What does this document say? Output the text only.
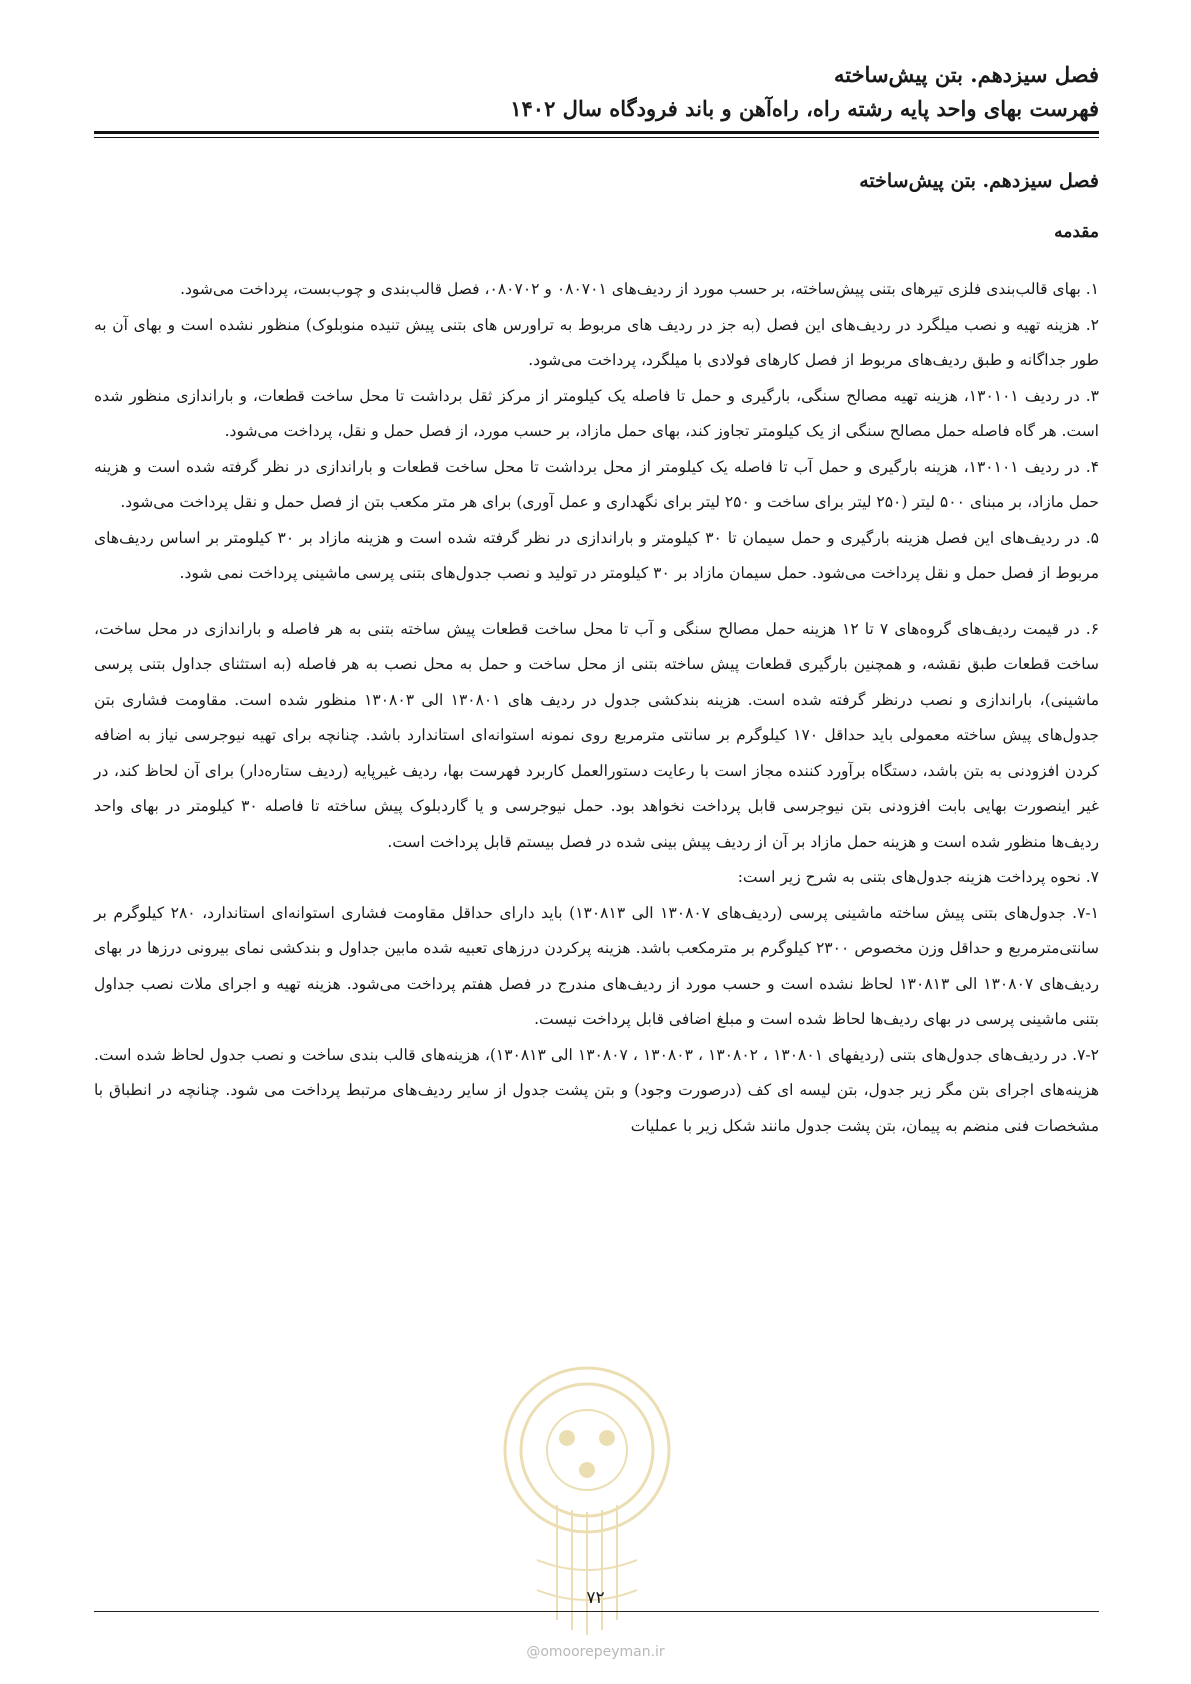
فصل سیزدهم. بتن پیش‌ساخته
فهرست بهای واحد پایه رشته راه، راه‌آهن و باند فرودگاه سال ۱۴۰۲
فصل سیزدهم. بتن پیش‌ساخته
مقدمه

۱. بهای قالب‌بندی فلزی تیرهای بتنی پیش‌ساخته، بر حسب مورد از ردیف‌های ۰۸۰۷۰۱ و ۰۸۰۷۰۲، فصل قالب‌بندی و چوب‌بست، پرداخت می‌شود.

۲. هزینه تهیه و نصب میلگرد در ردیف‌های این فصل (به جز در ردیف های مربوط به تراورس های بتنی پیش تنیده منوبلوک) منظور نشده است و بهای آن به طور جداگانه و طبق ردیف‌های مربوط از فصل کارهای فولادی با میلگرد، پرداخت می‌شود.

۳. در ردیف ۱۳۰۱۰۱، هزینه تهیه مصالح سنگی، بارگیری و حمل تا فاصله یک کیلومتر از مرکز ثقل برداشت تا محل ساخت قطعات، و باراندازی منظور شده است. هر گاه فاصله حمل مصالح سنگی از یک کیلومتر تجاوز کند، بهای حمل مازاد، بر حسب مورد، از فصل حمل و نقل، پرداخت می‌شود.

۴. در ردیف ۱۳۰۱۰۱، هزینه بارگیری و حمل آب تا فاصله یک کیلومتر از محل برداشت تا محل ساخت قطعات و باراندازی در نظر گرفته شده است و هزینه حمل مازاد، بر مبنای ۵۰۰ لیتر (۲۵۰ لیتر برای ساخت و ۲۵۰ لیتر برای نگهداری و عمل آوری) برای هر متر مکعب بتن از فصل حمل و نقل پرداخت می‌شود.

۵. در ردیف‌های این فصل هزینه بارگیری و حمل سیمان تا ۳۰ کیلومتر و باراندازی در نظر گرفته شده است و هزینه مازاد بر ۳۰ کیلومتر بر اساس ردیف‌های مربوط از فصل حمل و نقل پرداخت می‌شود. حمل سیمان مازاد بر ۳۰ کیلومتر در تولید و نصب جدول‌های بتنی پرسی ماشینی پرداخت نمی شود.

۶. در قیمت ردیف‌های گروه‌های ۷ تا ۱۲ هزینه حمل مصالح سنگی و آب تا محل ساخت قطعات پیش ساخته بتنی به هر فاصله و باراندازی در محل ساخت، ساخت قطعات طبق نقشه، و همچنین بارگیری قطعات پیش ساخته بتنی از محل ساخت و حمل به محل نصب به هر فاصله (به استثنای جداول بتنی پرسی ماشینی)، باراندازی و نصب درنظر گرفته شده است. هزینه بندکشی جدول در ردیف های ۱۳۰۸۰۱ الی ۱۳۰۸۰۳ منظور شده است. مقاومت فشاری بتن جدول‌های پیش ساخته معمولی باید حداقل ۱۷۰ کیلوگرم بر سانتی مترمربع روی نمونه استوانه‌ای استاندارد باشد. چنانچه برای تهیه نیوجرسی نیاز به اضافه کردن افزودنی به بتن باشد، دستگاه برآورد کننده مجاز است با رعایت دستورالعمل کاربرد فهرست بها، ردیف غیرپایه (ردیف ستاره‌دار) برای آن لحاظ کند، در غیر اینصورت بهایی بابت افزودنی بتن نیوجرسی قابل پرداخت نخواهد بود. حمل نیوجرسی و یا گاردبلوک پیش ساخته تا فاصله ۳۰ کیلومتر در بهای واحد ردیف‌ها منظور شده است و هزینه حمل مازاد بر آن از ردیف پیش بینی شده در فصل بیستم قابل پرداخت است.

۷. نحوه پرداخت هزینه جدول‌های بتنی به شرح زیر است:

۷-۱. جدول‌های بتنی پیش ساخته ماشینی پرسی (ردیف‌های ۱۳۰۸۰۷ الی ۱۳۰۸۱۳) باید دارای حداقل مقاومت فشاری استوانه‌ای استاندارد، ۲۸۰ کیلوگرم بر سانتی‌مترمربع و حداقل وزن مخصوص ۲۳۰۰ کیلوگرم بر مترمکعب باشد. هزینه پرکردن درزهای تعبیه شده مابین جداول و بندکشی نمای بیرونی درزها در بهای ردیف‌های ۱۳۰۸۰۷ الی ۱۳۰۸۱۳ لحاظ نشده است و حسب مورد از ردیف‌های مندرج در فصل هفتم پرداخت می‌شود. هزینه تهیه و اجرای ملات نصب جداول بتنی ماشینی پرسی در بهای ردیف‌ها لحاظ شده است و مبلغ اضافی قابل پرداخت نیست.

۷-۲. در ردیف‌های جدول‌های بتنی (ردیفهای ۱۳۰۸۰۱ ، ۱۳۰۸۰۲ ، ۱۳۰۸۰۳ ، ۱۳۰۸۰۷ الی ۱۳۰۸۱۳)، هزینه‌های قالب بندی ساخت و نصب جدول لحاظ شده است. هزینه‌های اجرای بتن مگر زیر جدول، بتن لیسه ای کف (درصورت وجود) و بتن پشت جدول از سایر ردیف‌های مرتبط پرداخت می شود. چنانچه در انطباق با مشخصات فنی منضم به پیمان، بتن پشت جدول مانند شکل زیر با عملیات

۷۲
@omoorepeyman.ir
